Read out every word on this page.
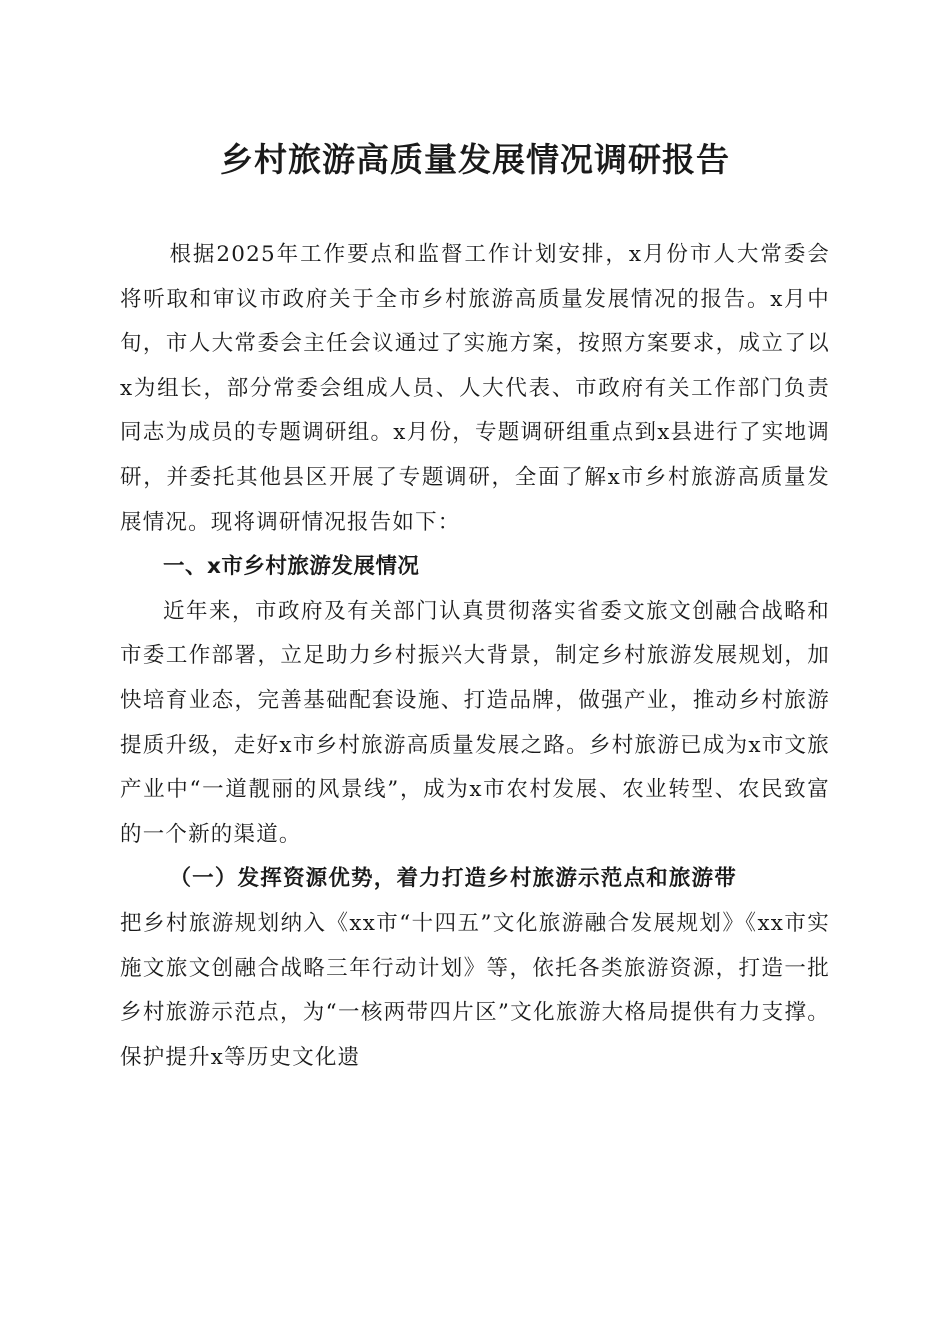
乡村旅游高质量发展情况调研报告

根据2025年工作要点和监督工作计划安排，x月份市人大常委会将听取和审议市政府关于全市乡村旅游高质量发展情况的报告。x月中旬，市人大常委会主任会议通过了实施方案，按照方案要求，成立了以x为组长，部分常委会组成人员、人大代表、市政府有关工作部门负责同志为成员的专题调研组。x月份，专题调研组重点到x县进行了实地调研，并委托其他县区开展了专题调研，全面了解x市乡村旅游高质量发展情况。现将调研情况报告如下：

一、x市乡村旅游发展情况

近年来，市政府及有关部门认真贯彻落实省委文旅文创融合战略和市委工作部署，立足助力乡村振兴大背景，制定乡村旅游发展规划，加快培育业态，完善基础配套设施、打造品牌，做强产业，推动乡村旅游提质升级，走好x市乡村旅游高质量发展之路。乡村旅游已成为x市文旅产业中“一道靓丽的风景线”，成为x市农村发展、农业转型、农民致富的一个新的渠道。

（一）发挥资源优势，着力打造乡村旅游示范点和旅游带

把乡村旅游规划纳入《xx市“十四五”文化旅游融合发展规划》《xx市实施文旅文创融合战略三年行动计划》等，依托各类旅游资源，打造一批乡村旅游示范点，为“一核两带四片区”文化旅游大格局提供有力支撑。保护提升x等历史文化遗
